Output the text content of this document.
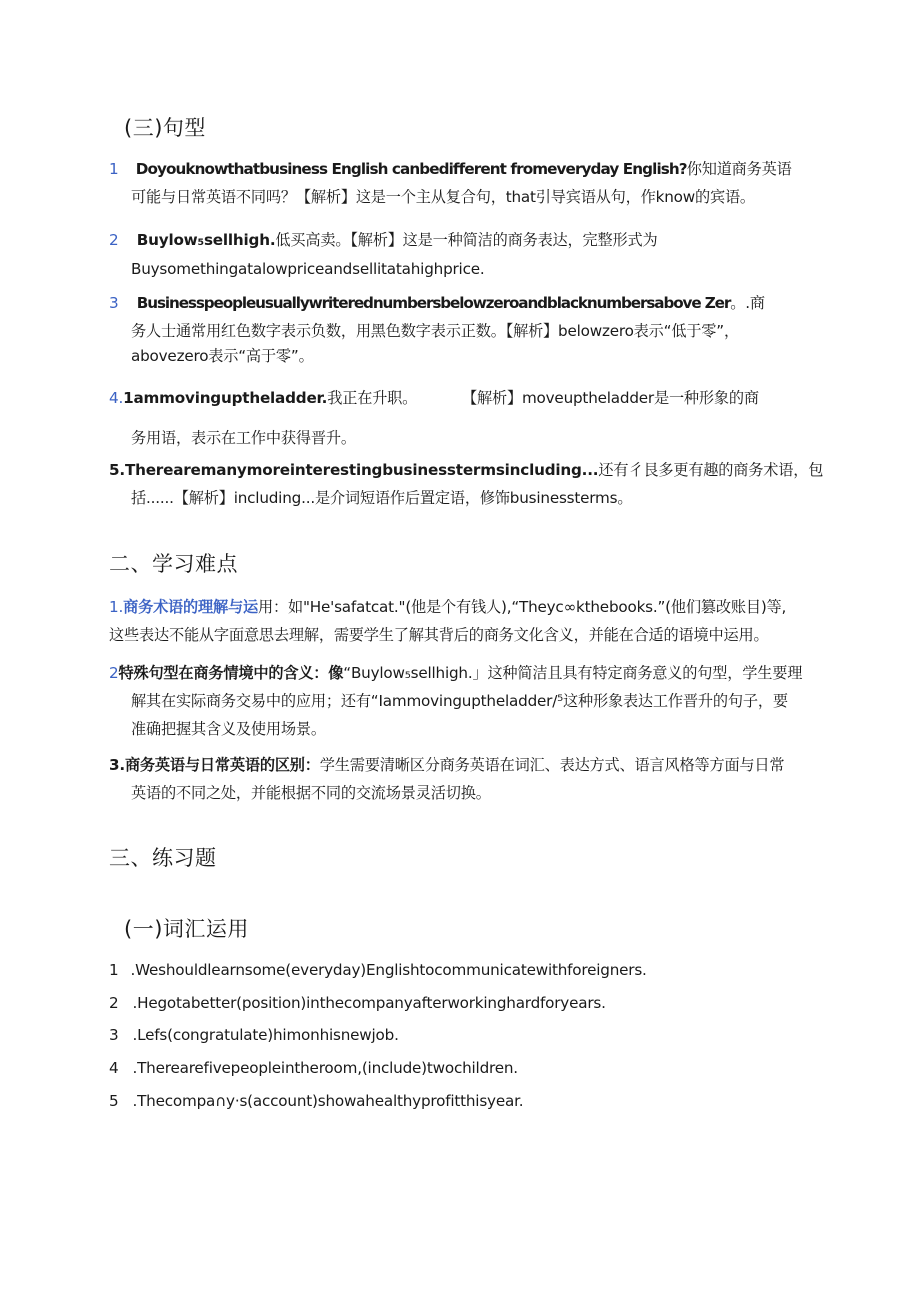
(三)句型
1 Doyouknowthatbusiness English canbedifferent fromeveryday English?你知道商务英语
可能与日常英语不同吗？【解析】这是一个主从复合句，that引导宾语从句，作know的宾语。
2 Buylow₅sellhigh.低买高卖。【解析】这是一种简洁的商务表达，完整形式为
Buysomethingatalowpriceandsellitatahighprice.
3 Businesspeopleusuallywriterednumbersbelowzeroandblacknumbersabove Zer。.商
务人士通常用红色数字表示负数，用黑色数字表示正数。【解析】belowzero表示“低于零”，
abovezero表示“高于零”。
4.1ammovinguptheladder.我正在升职。	【解析】moveuptheladder是一种形象的商
务用语，表示在工作中获得晋升。
5.Therearemanymoreinterestingbusinesstermsincluding...还有彳艮多更有趣的商务术语，包
括......【解析】including...是介词短语作后置定语，修饰businessterms。
二、学习难点
1.商务术语的理解与运用：如"He'safatcat."(他是个有钱人),“Theyc∞kthebooks.”(他们篡改账目)等,
这些表达不能从字面意思去理解，需要学生了解其背后的商务文化含义，并能在合适的语境中运用。
2特殊句型在商务情境中的含义：像“Buylow₅sellhigh.」这种简洁且具有特定商务意义的句型，学生要理
解其在实际商务交易中的应用；还有“Iammovinguptheladder/⁵这种形象表达工作晋升的句子，要
准确把握其含义及使用场景。
3.商务英语与日常英语的区别：学生需要清晰区分商务英语在词汇、表达方式、语言风格等方面与日常
英语的不同之处，并能根据不同的交流场景灵活切换。
三、练习题
(一)词汇运用
1 .Weshouldlearnsome(everyday)Englishtocommunicatewithforeigners.
2 .Hegotabetter(position)inthecompanyafterworkinghardforyears.
3 .Lefs(congratulate)himonhisnewjob.
4 .Therearefivepeopleintheroom,(include)twochildren.
5 .Thecompa∩y·s(account)showahealthyprofitthisyear.
